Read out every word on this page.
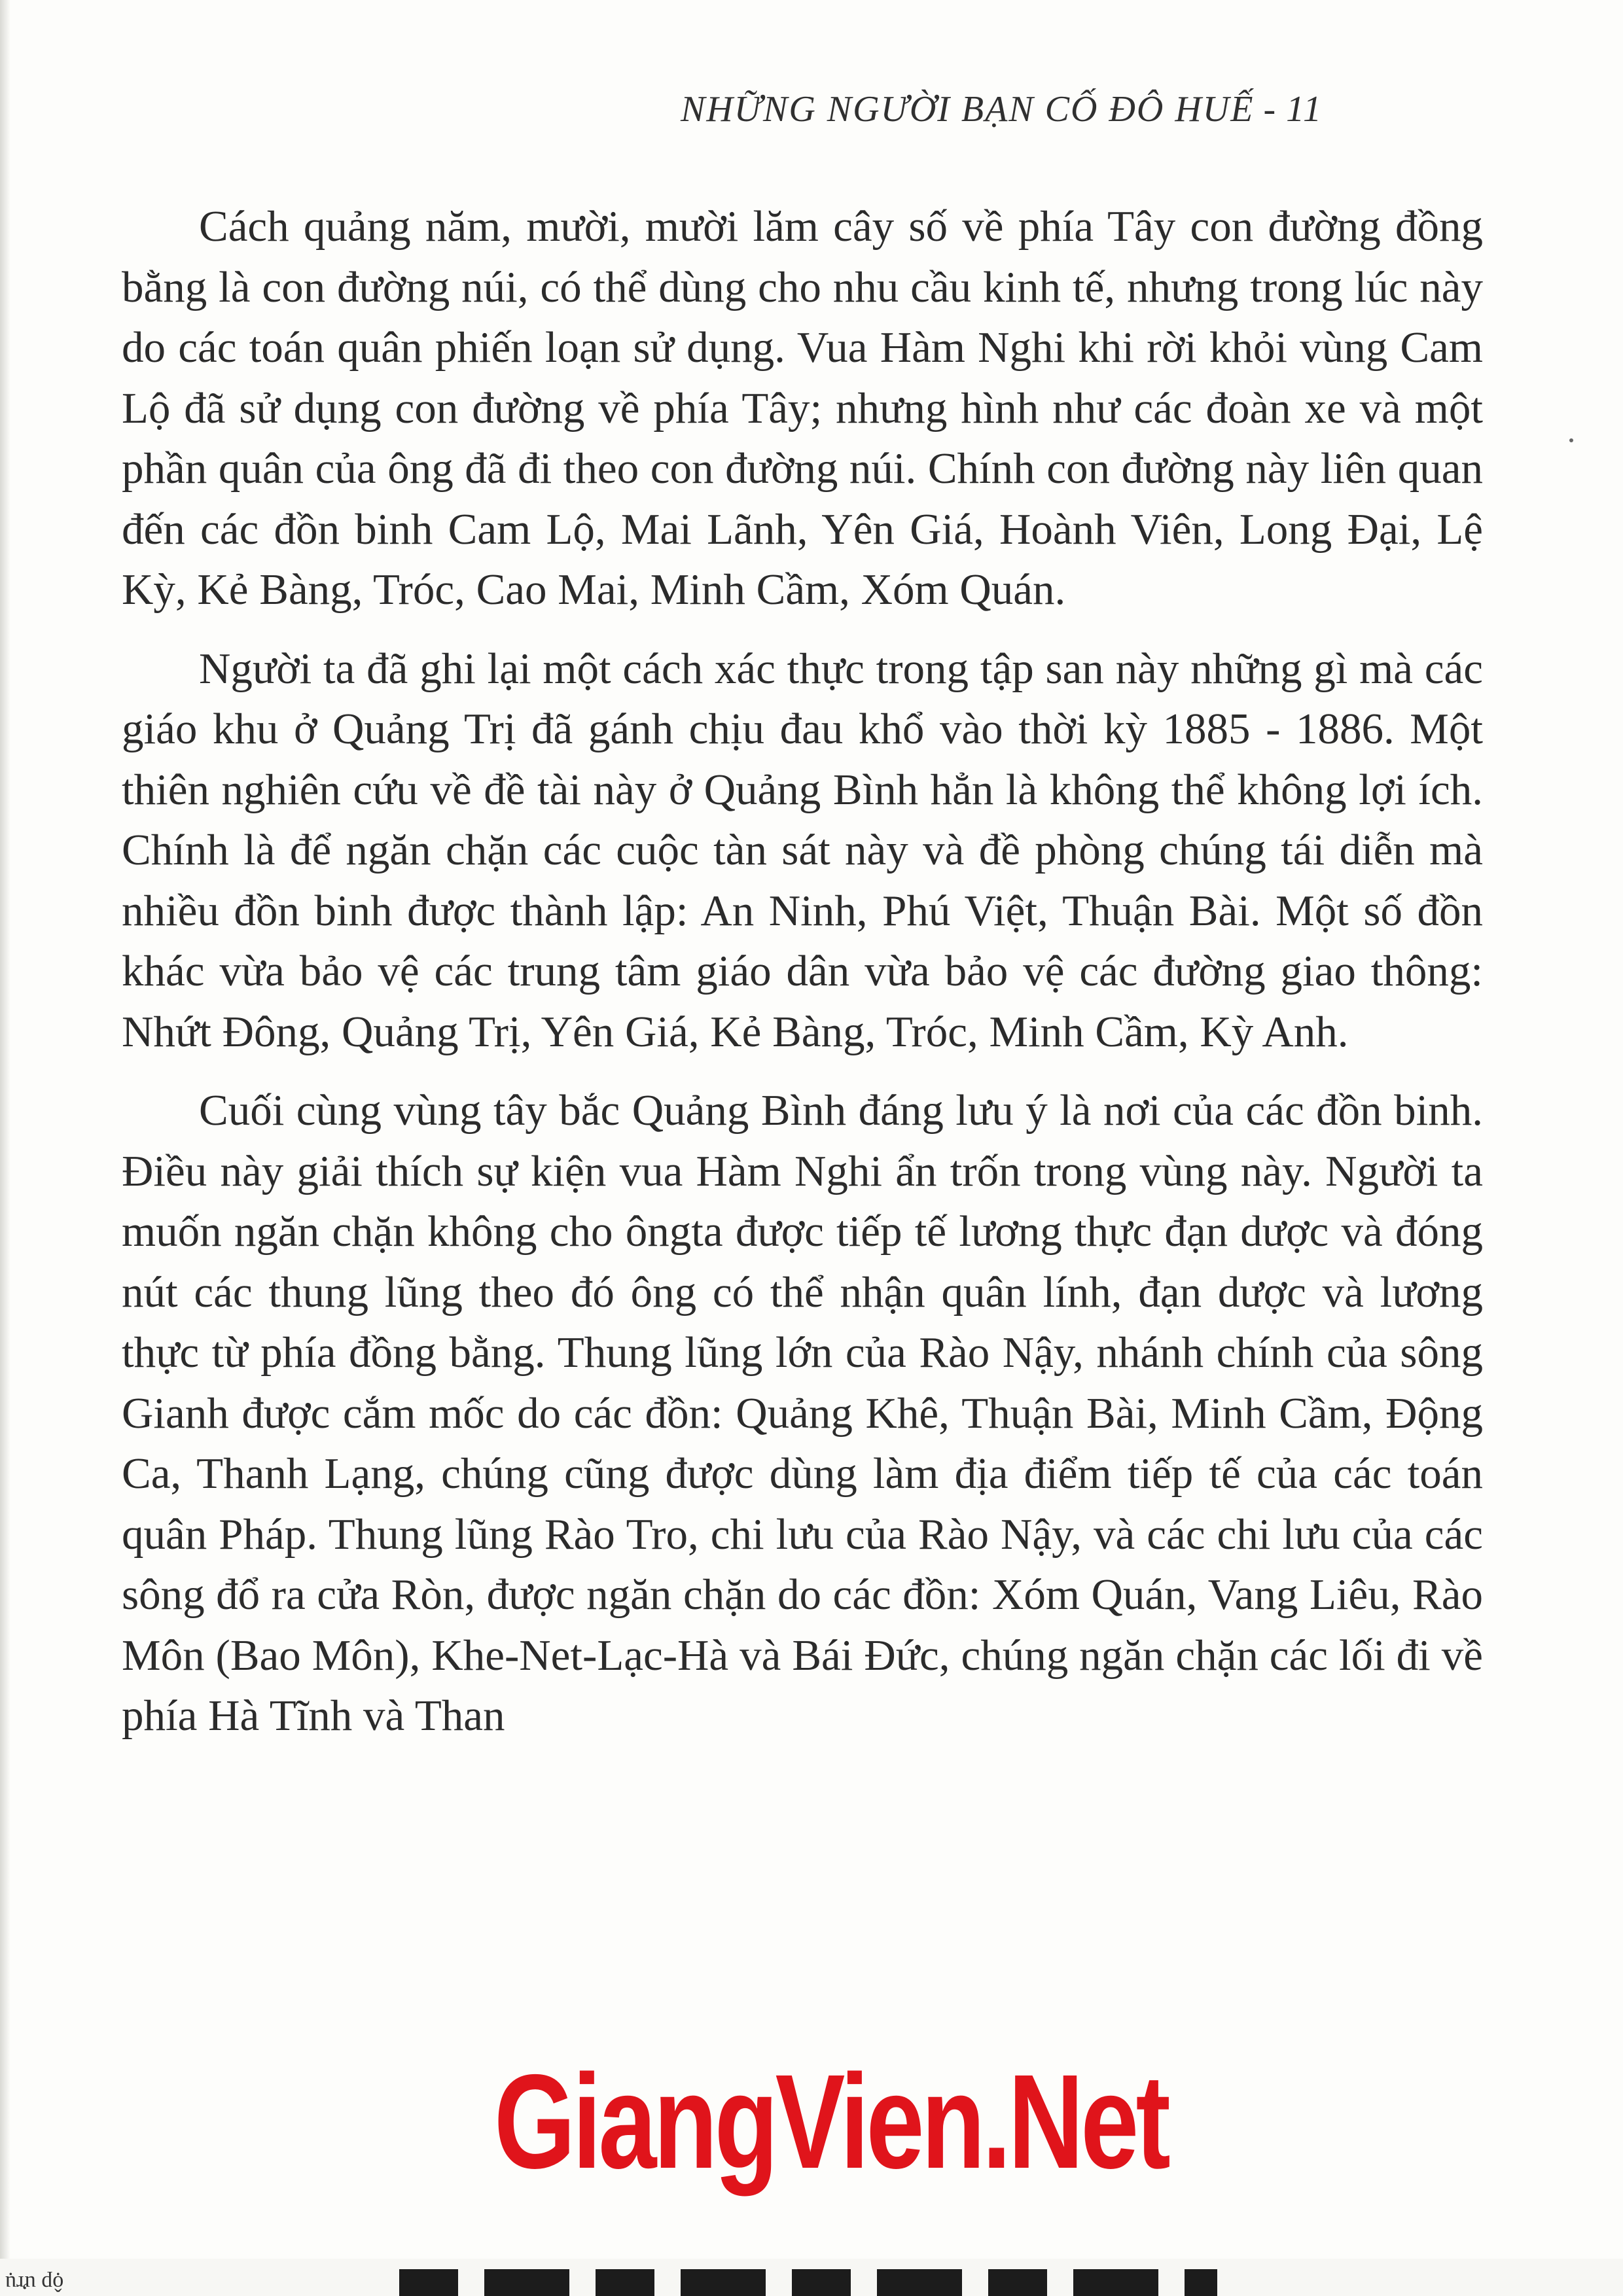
NHỮNG NGƯỜI BẠN CỐ ĐÔ HUẾ - 11

Cách quảng năm, mười, mười lăm cây số về phía Tây con đường đồng bằng là con đường núi, có thể dùng cho nhu cầu kinh tế, nhưng trong lúc này do các toán quân phiến loạn sử dụng. Vua Hàm Nghi khi rời khỏi vùng Cam Lộ đã sử dụng con đường về phía Tây; nhưng hình như các đoàn xe và một phần quân của ông đã đi theo con đường núi. Chính con đường này liên quan đến các đồn binh Cam Lộ, Mai Lãnh, Yên Giá, Hoành Viên, Long Đại, Lệ Kỳ, Kẻ Bàng, Tróc, Cao Mai, Minh Cầm, Xóm Quán.

Người ta đã ghi lại một cách xác thực trong tập san này những gì mà các giáo khu ở Quảng Trị đã gánh chịu đau khổ vào thời kỳ 1885 - 1886. Một thiên nghiên cứu về đề tài này ở Quảng Bình hẳn là không thể không lợi ích. Chính là để ngăn chặn các cuộc tàn sát này và đề phòng chúng tái diễn mà nhiều đồn binh được thành lập: An Ninh, Phú Việt, Thuận Bài. Một số đồn khác vừa bảo vệ các trung tâm giáo dân vừa bảo vệ các đường giao thông: Nhứt Đông, Quảng Trị, Yên Giá, Kẻ Bàng, Tróc, Minh Cầm, Kỳ Anh.

Cuối cùng vùng tây bắc Quảng Bình đáng lưu ý là nơi của các đồn binh. Điều này giải thích sự kiện vua Hàm Nghi ẩn trốn trong vùng này. Người ta muốn ngăn chặn không cho ôngta được tiếp tế lương thực đạn dược và đóng nút các thung lũng theo đó ông có thể nhận quân lính, đạn dược và lương thực từ phía đồng bằng. Thung lũng lớn của Rào Nậy, nhánh chính của sông Gianh được cắm mốc do các đồn: Quảng Khê, Thuận Bài, Minh Cầm, Động Ca, Thanh Lạng, chúng cũng được dùng làm địa điểm tiếp tế của các toán quân Pháp. Thung lũng Rào Tro, chi lưu của Rào Nậy, và các chi lưu của các sông đổ ra cửa Ròn, được ngăn chặn do các đồn: Xóm Quán, Vang Liêu, Rào Môn (Bao Môn), Khe-Net-Lạc-Hà và Bái Đức, chúng ngăn chặn các lối đi về phía Hà Tĩnh và Than

GiangVien.Net
ộp ưrụ
